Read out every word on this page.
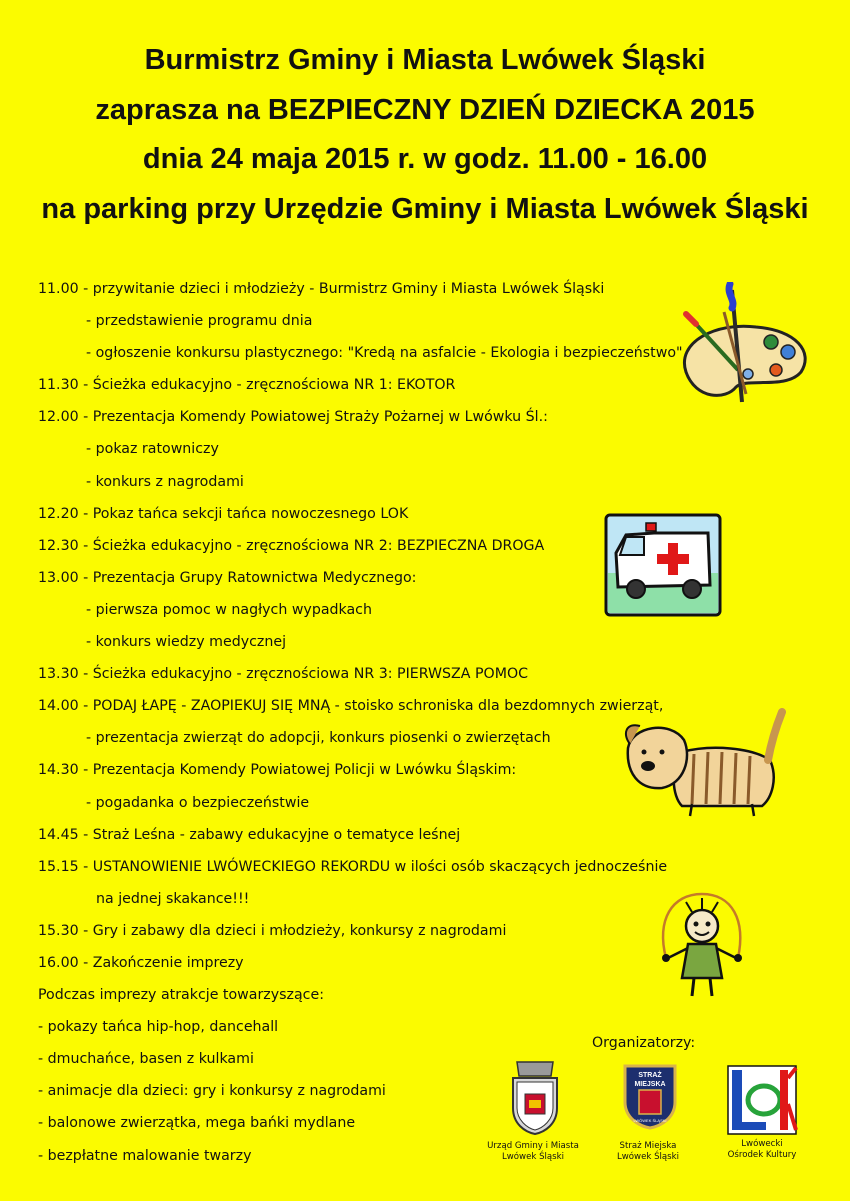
Burmistrz Gminy i Miasta Lwówek Śląski
zaprasza na BEZPIECZNY DZIEŃ DZIECKA 2015
dnia 24 maja 2015 r. w godz. 11.00 - 16.00
na parking przy Urzędzie Gminy i Miasta Lwówek Śląski
11.00 - przywitanie dzieci i młodzieży - Burmistrz Gminy i Miasta Lwówek Śląski
- przedstawienie programu dnia
- ogłoszenie konkursu plastycznego: "Kredą na asfalcie - Ekologia i bezpieczeństwo"
11.30 - Ścieżka edukacyjno - zręcznościowa NR 1: EKOTOR
12.00 - Prezentacja Komendy Powiatowej Straży Pożarnej w Lwówku Śl.:
- pokaz ratowniczy
- konkurs z nagrodami
12.20 - Pokaz tańca sekcji tańca nowoczesnego LOK
12.30 - Ścieżka edukacyjno - zręcznościowa NR 2: BEZPIECZNA DROGA
13.00 - Prezentacja Grupy Ratownictwa Medycznego:
- pierwsza pomoc w nagłych wypadkach
- konkurs wiedzy medycznej
13.30 - Ścieżka edukacyjno - zręcznościowa NR 3: PIERWSZA POMOC
14.00 - PODAJ ŁAPĘ - ZAOPIEKUJ SIĘ MNĄ - stoisko schroniska dla bezdomnych zwierząt,
- prezentacja zwierząt do adopcji, konkurs piosenki o zwierzętach
14.30 - Prezentacja Komendy Powiatowej Policji w Lwówku Śląskim:
- pogadanka o bezpieczeństwie
14.45 - Straż Leśna - zabawy edukacyjne o tematyce leśnej
15.15 - USTANOWIENIE LWÓWECKIEGO REKORDU w ilości osób skaczących jednocześnie
na jednej skakance!!!
15.30 - Gry i zabawy dla dzieci i młodzieży, konkursy z nagrodami
16.00 - Zakończenie imprezy
Podczas imprezy atrakcje towarzyszące:
- pokazy tańca hip-hop, dancehall
- dmuchańce, basen z kulkami
- animacje dla dzieci: gry i konkursy z nagrodami
- balonowe zwierzątka, mega bańki mydlane
- bezpłatne malowanie twarzy
Organizatorzy:
Urząd Gminy i Miasta
Lwówek Śląski
STRAŻ
MIEJSKA
LWÓWEK ŚLĄSKI
Straż Miejska
Lwówek Śląski
Lwówecki
Ośrodek Kultury
